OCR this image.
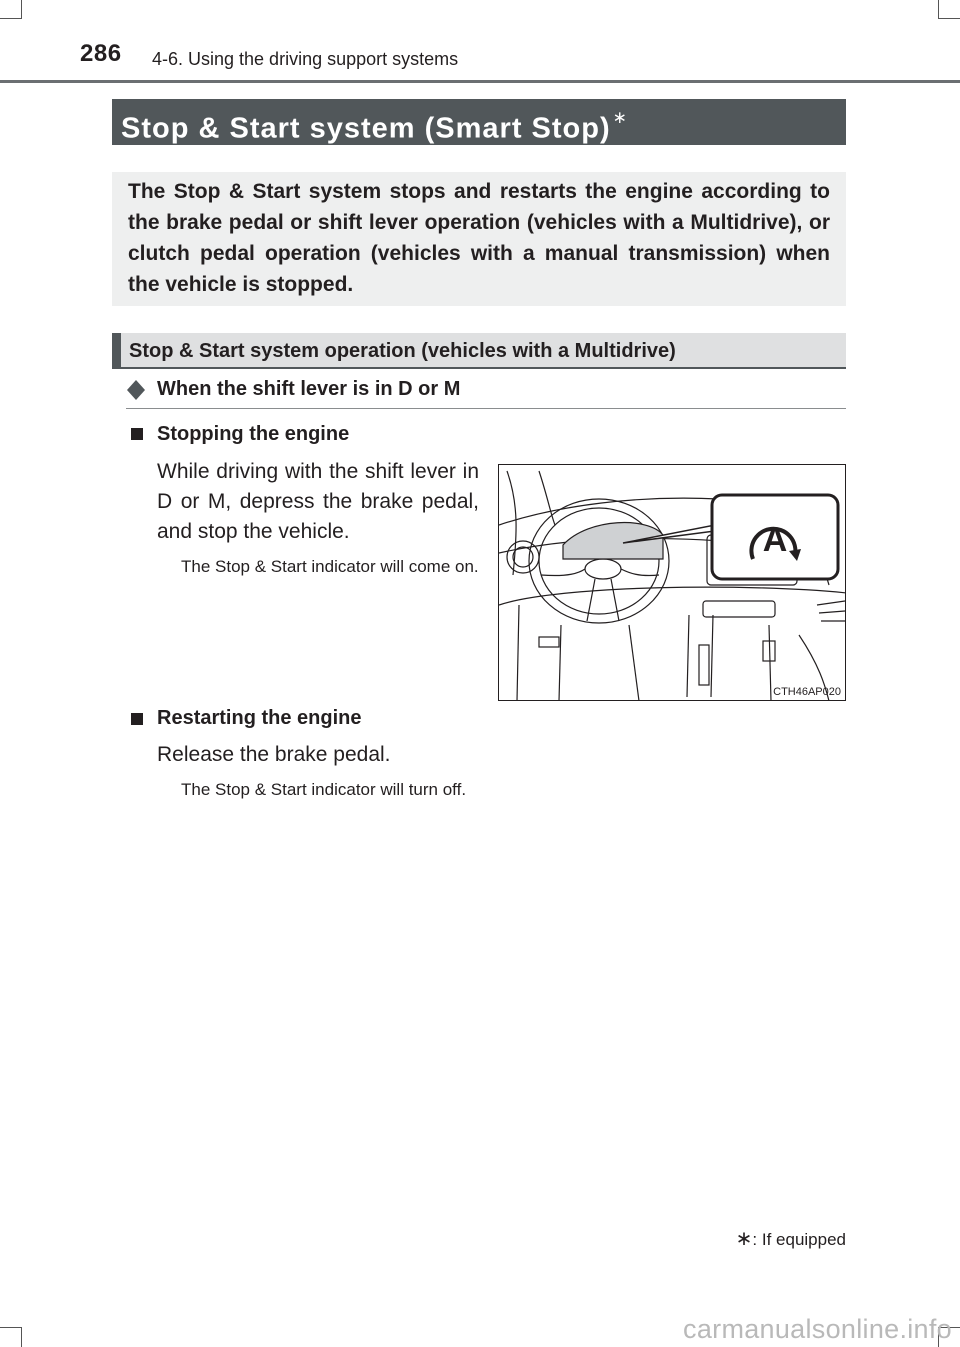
286 4-6. Using the driving support systems
Stop & Start system (Smart Stop) ∗
The Stop & Start system stops and restarts the engine according to the brake pedal or shift lever operation (vehicles with a Multidrive), or clutch pedal operation (vehicles with a manual transmission) when the vehicle is stopped.
Stop & Start system operation (vehicles with a Multidrive)
When the shift lever is in D or M
Stopping the engine
While driving with the shift lever in D or M, depress the brake pedal, and stop the vehicle.
The Stop & Start indicator will come on.
A
CTH46AP020
Restarting the engine
Release the brake pedal.
The Stop & Start indicator will turn off.
∗: If equipped
carmanualsonline.info
